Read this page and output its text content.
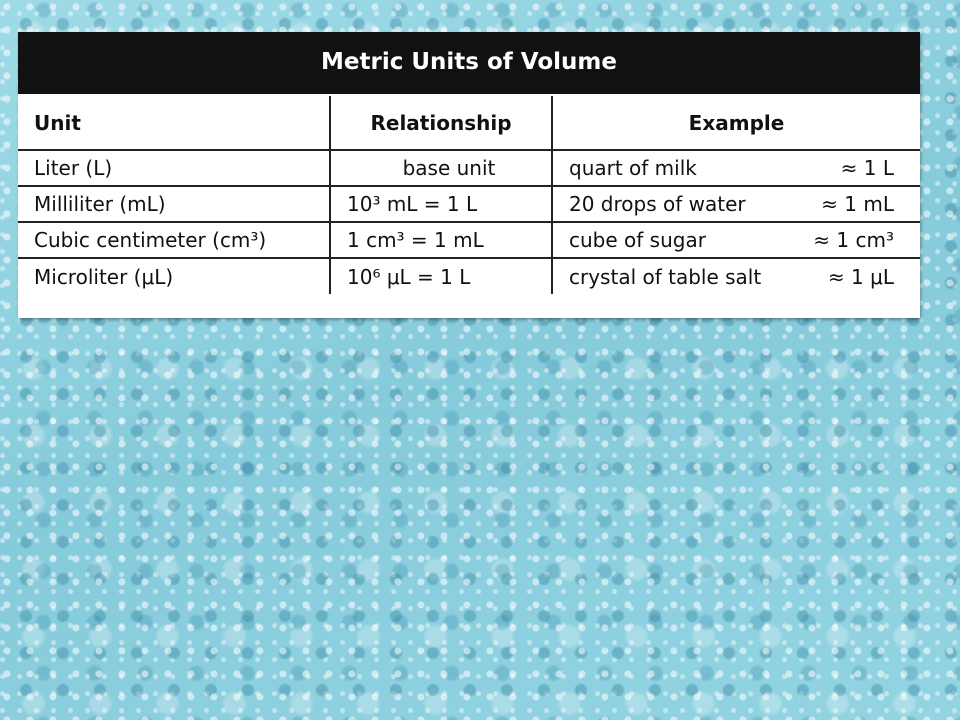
Metric Units of Volume
Unit	Relationship	Example
Liter (L)	base unit	quart of milk ≈ 1 L

Milliliter (mL)	10³ mL = 1 L	20 drops of water ≈ 1 mL

Cubic centimeter (cm³)	1 cm³ = 1 mL	cube of sugar ≈ 1 cm³

Microliter (μL)	10⁶ μL = 1 L	crystal of table salt ≈ 1 μL
